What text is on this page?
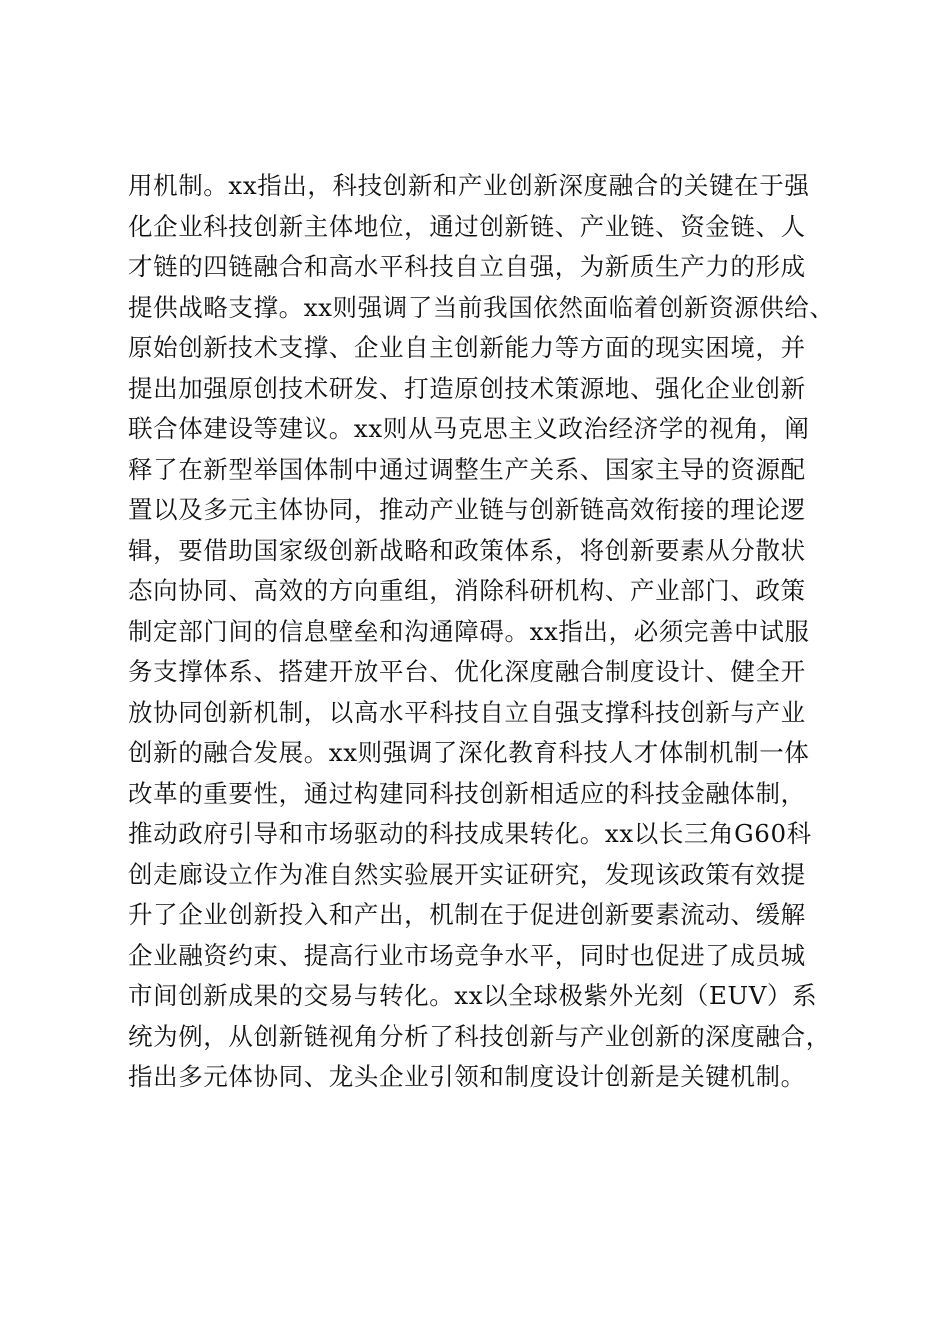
用机制。xx指出，科技创新和产业创新深度融合的关键在于强
化企业科技创新主体地位，通过创新链、产业链、资金链、人
才链的四链融合和高水平科技自立自强，为新质生产力的形成
提供战略支撑。xx则强调了当前我国依然面临着创新资源供给、
原始创新技术支撑、企业自主创新能力等方面的现实困境，并
提出加强原创技术研发、打造原创技术策源地、强化企业创新
联合体建设等建议。xx则从马克思主义政治经济学的视角，阐
释了在新型举国体制中通过调整生产关系、国家主导的资源配
置以及多元主体协同，推动产业链与创新链高效衔接的理论逻
辑，要借助国家级创新战略和政策体系，将创新要素从分散状
态向协同、高效的方向重组，消除科研机构、产业部门、政策
制定部门间的信息壁垒和沟通障碍。xx指出，必须完善中试服
务支撑体系、搭建开放平台、优化深度融合制度设计、健全开
放协同创新机制，以高水平科技自立自强支撑科技创新与产业
创新的融合发展。xx则强调了深化教育科技人才体制机制一体
改革的重要性，通过构建同科技创新相适应的科技金融体制，
推动政府引导和市场驱动的科技成果转化。xx以长三角G60科
创走廊设立作为准自然实验展开实证研究，发现该政策有效提
升了企业创新投入和产出，机制在于促进创新要素流动、缓解
企业融资约束、提高行业市场竞争水平，同时也促进了成员城
市间创新成果的交易与转化。xx以全球极紫外光刻（EUV）系
统为例，从创新链视角分析了科技创新与产业创新的深度融合，
指出多元体协同、龙头企业引领和制度设计创新是关键机制。
